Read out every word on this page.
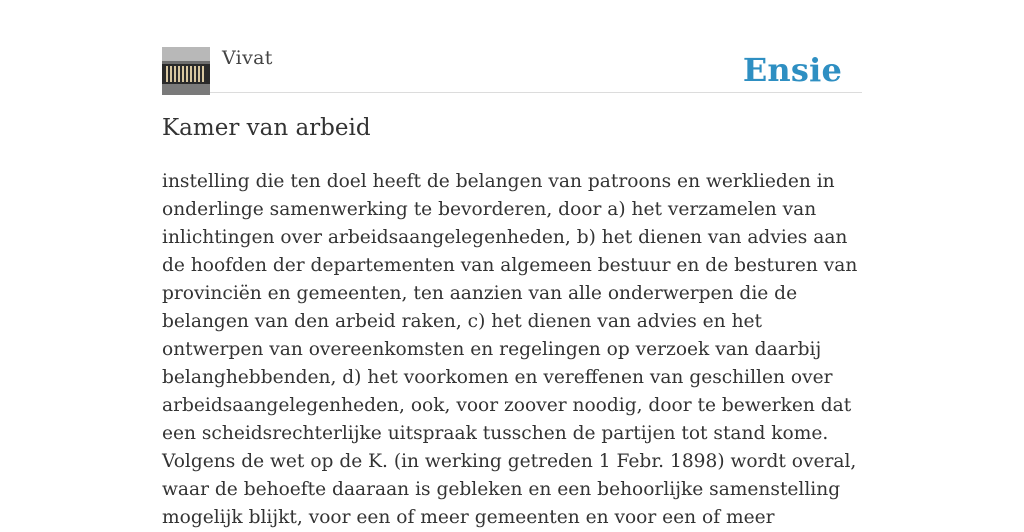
Vivat	Ensie
Kamer van arbeid

instelling die ten doel heeft de belangen van patroons en werklieden in onderlinge samenwerking te bevorderen, door a) het verzamelen van inlichtingen over arbeidsaangelegenheden, b) het dienen van advies aan de hoofden der departementen van algemeen bestuur en de besturen van provinciën en gemeenten, ten aanzien van alle onderwerpen die de belangen van den arbeid raken, c) het dienen van advies en het ontwerpen van overeenkomsten en regelingen op verzoek van daarbij belanghebbenden, d) het voorkomen en vereffenen van geschillen over arbeidsaangelegenheden, ook, voor zoover noodig, door te bewerken dat een scheidsrechterlijke uitspraak tusschen de partijen tot stand kome. Volgens de wet op de K. (in werking getreden 1 Febr. 1898) wordt overal, waar de behoefte daaraan is gebleken en een behoorlijke samenstelling mogelijk blijkt, voor een of meer gemeenten en voor een of meer
